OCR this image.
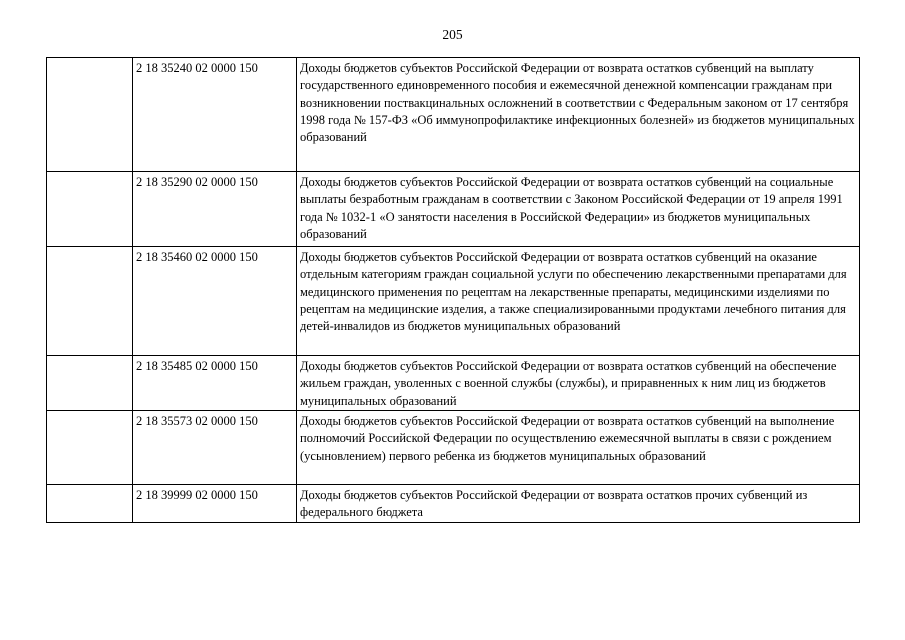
205
	2 18 35240 02 0000 150	Доходы бюджетов субъектов Российской Федерации от возврата остатков субвенций на выплату государственного единовременного пособия и ежемесячной денежной компенсации гражданам при возникновении поствакцинальных осложнений в соответствии с Федеральным законом от 17 сентября 1998 года № 157-ФЗ «Об иммунопрофилактике инфекционных болезней» из бюджетов муниципальных образований
	2 18 35290 02 0000 150	Доходы бюджетов субъектов Российской Федерации от возврата остатков субвенций на социальные выплаты безработным гражданам в соответствии с Законом Российской Федерации от 19 апреля 1991 года № 1032-1 «О занятости населения в Российской Федерации» из бюджетов муниципальных образований
	2 18 35460 02 0000 150	Доходы бюджетов субъектов Российской Федерации от возврата остатков субвенций на оказание отдельным категориям граждан социальной услуги по обеспечению лекарственными препаратами для медицинского применения по рецептам на лекарственные препараты, медицинскими изделиями по рецептам на медицинские изделия, а также специализированными продуктами лечебного питания для детей-инвалидов из бюджетов муниципальных образований
	2 18 35485 02 0000 150	Доходы бюджетов субъектов Российской Федерации от возврата остатков субвенций на обеспечение жильем граждан, уволенных с военной службы (службы), и приравненных к ним лиц из бюджетов муниципальных образований
	2 18 35573 02 0000 150	Доходы бюджетов субъектов Российской Федерации от возврата остатков субвенций на выполнение полномочий Российской Федерации по осуществлению ежемесячной выплаты в связи с рождением (усыновлением) первого ребенка из бюджетов муниципальных образований
	2 18 39999 02 0000 150	Доходы бюджетов субъектов Российской Федерации от возврата остатков прочих субвенций из федерального бюджета
